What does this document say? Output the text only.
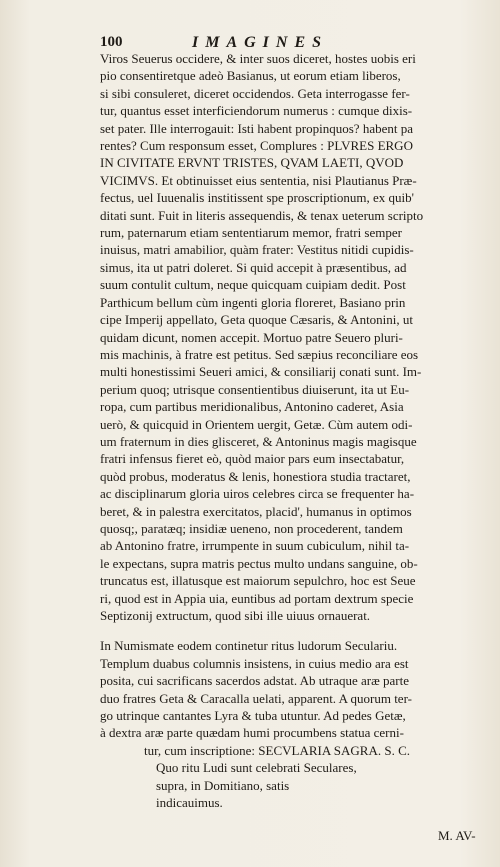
100	IMAGINES
Viros Seuerus occidere, & inter suos diceret, hostes uobis eri
pio consentiretque adeò Basianus, ut eorum etiam liberos,
si sibi consuleret, diceret occidendos. Geta interrogasse fer-
tur, quantus esset interficiendorum numerus : cumque dixis-
set pater. Ille interrogauit: Isti habent propinquos? habent pa
rentes? Cum responsum esset, Complures : PLVRES ERGO
IN CIVITATE ERVNT TRISTES, QVAM LAETI, QVOD
VICIMVS. Et obtinuisset eius sententia, nisi Plautianus Præ-
fectus, uel Iuuenalis institissent spe proscriptionum, ex quib'
ditati sunt. Fuit in literis assequendis, & tenax ueterum scripto
rum, paternarum etiam sententiarum memor, fratri semper
inuisus, matri amabilior, quàm frater: Vestitus nitidi cupidis-
simus, ita ut patri doleret. Si quid accepit à præsentibus, ad
suum contulit cultum, neque quicquam cuipiam dedit. Post
Parthicum bellum cùm ingenti gloria floreret, Basiano prin
cipe Imperij appellato, Geta quoque Cæsaris, & Antonini, ut
quidam dicunt, nomen accepit. Mortuo patre Seuero pluri-
mis machinis, à fratre est petitus. Sed sæpius reconciliare eos
multi honestissimi Seueri amici, & consiliarij conati sunt. Im-
perium quoq; utrisque consentientibus diuiserunt, ita ut Eu-
ropa, cum partibus meridionalibus, Antonino caderet, Asia
uerò, & quicquid in Orientem uergit, Getæ. Cùm autem odi-
um fraternum in dies glisceret, & Antoninus magis magisque
fratri infensus fieret eò, quòd maior pars eum insectabatur,
quòd probus, moderatus & lenis, honestiora studia tractaret,
ac disciplinarum gloria uiros celebres circa se frequenter ha-
beret, & in palestra exercitatos, placid', humanus in optimos
quosq;, paratæq; insidiæ ueneno, non procederent, tandem
ab Antonino fratre, irrumpente in suum cubiculum, nihil ta-
le expectans, supra matris pectus multo undans sanguine, ob-
truncatus est, illatusque est maiorum sepulchro, hoc est Seue
ri, quod est in Appia uia, euntibus ad portam dextrum specie
Septizonij extructum, quod sibi ille uiuus ornauerat.
In Numismate eodem continetur ritus ludorum Seculariu.
Templum duabus columnis insistens, in cuius medio ara est
posita, cui sacrificans sacerdos adstat. Ab utraque aræ parte
duo fratres Geta & Caracalla uelati, apparent. A quorum ter-
go utrinque cantantes Lyra & tuba utuntur. Ad pedes Getæ,
à dextra aræ parte quædam humi procumbens statua cerni-
tur, cum inscriptione: SECVLARIA SAGRA. S. C.
Quo ritu Ludi sunt celebrati Seculares,
supra, in Domitiano, satis
indicauimus.
M. AV-
